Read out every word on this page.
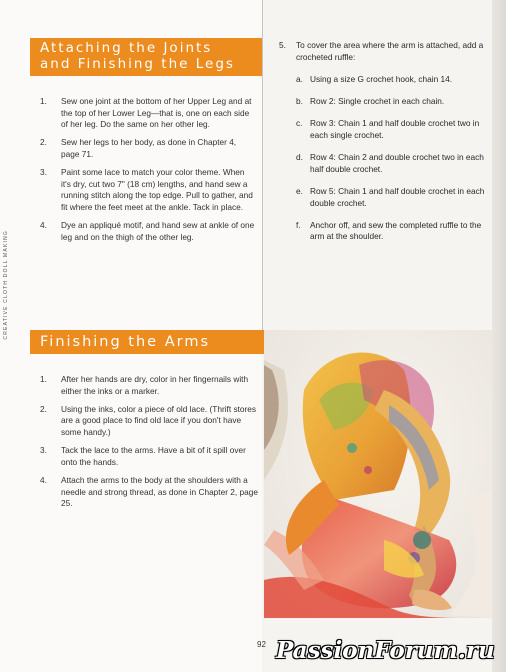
CREATIVE CLOTH DOLL MAKING
Attaching the Joints
and Finishing the Legs
1. Sew one joint at the bottom of her Upper Leg and at the top of her Lower Leg—that is, one on each side of her leg. Do the same on her other leg.
2. Sew her legs to her body, as done in Chapter 4, page 71.
3. Paint some lace to match your color theme. When it's dry, cut two 7" (18 cm) lengths, and hand sew a running stitch along the top edge. Pull to gather, and fit where the feet meet at the ankle. Tack in place.
4. Dye an appliqué motif, and hand sew at ankle of one leg and on the thigh of the other leg.
Finishing the Arms
1. After her hands are dry, color in her fingernails with either the inks or a marker.
2. Using the inks, color a piece of old lace. (Thrift stores are a good place to find old lace if you don't have some handy.)
3. Tack the lace to the arms. Have a bit of it spill over onto the hands.
4. Attach the arms to the body at the shoulders with a needle and strong thread, as done in Chapter 2, page 25.
5.	To cover the area where the arm is attached, add a crocheted ruffle:
a. Using a size G crochet hook, chain 14.
b. Row 2: Single crochet in each chain.
c. Row 3: Chain 1 and half double crochet two in each single crochet.
d. Row 4: Chain 2 and double crochet two in each half double crochet.
e. Row 5: Chain 1 and half double crochet in each double crochet.
f. Anchor off, and sew the completed ruffle to the arm at the shoulder.
92 PassionForum.ru
